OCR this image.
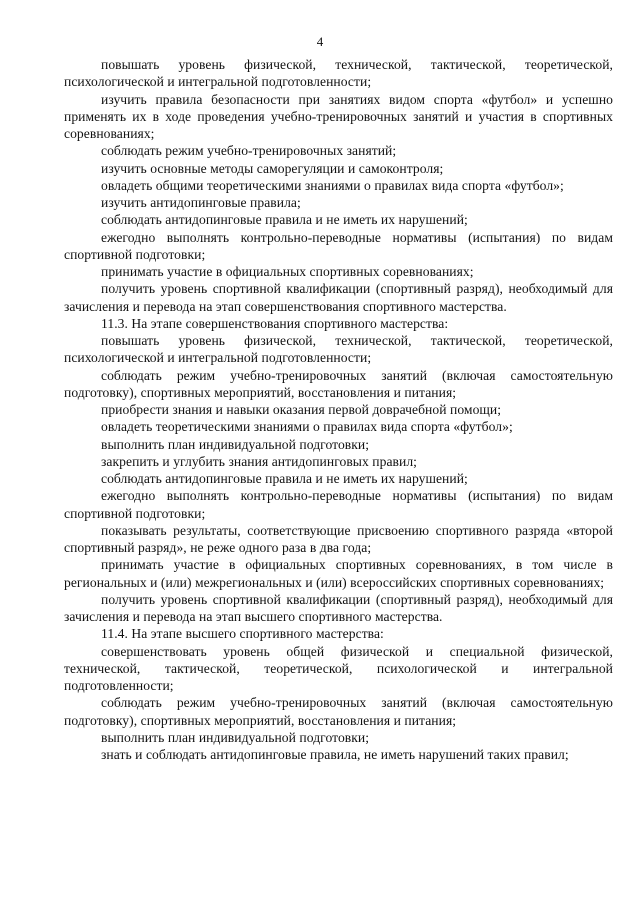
4

повышать уровень физической, технической, тактической, теоретической, психологической и интегральной подготовленности;

изучить правила безопасности при занятиях видом спорта «футбол» и успешно применять их в ходе проведения учебно-тренировочных занятий и участия в спортивных соревнованиях;

соблюдать режим учебно-тренировочных занятий;

изучить основные методы саморегуляции и самоконтроля;

овладеть общими теоретическими знаниями о правилах вида спорта «футбол»;

изучить антидопинговые правила;

соблюдать антидопинговые правила и не иметь их нарушений;

ежегодно выполнять контрольно-переводные нормативы (испытания) по видам спортивной подготовки;

принимать участие в официальных спортивных соревнованиях;

получить уровень спортивной квалификации (спортивный разряд), необходимый для зачисления и перевода на этап совершенствования спортивного мастерства.

11.3. На этапе совершенствования спортивного мастерства:

повышать уровень физической, технической, тактической, теоретической, психологической и интегральной подготовленности;

соблюдать режим учебно-тренировочных занятий (включая самостоятельную подготовку), спортивных мероприятий, восстановления и питания;

приобрести знания и навыки оказания первой доврачебной помощи;

овладеть теоретическими знаниями о правилах вида спорта «футбол»;

выполнить план индивидуальной подготовки;

закрепить и углубить знания антидопинговых правил;

соблюдать антидопинговые правила и не иметь их нарушений;

ежегодно выполнять контрольно-переводные нормативы (испытания) по видам спортивной подготовки;

показывать результаты, соответствующие присвоению спортивного разряда «второй спортивный разряд», не реже одного раза в два года;

принимать участие в официальных спортивных соревнованиях, в том числе в региональных и (или) межрегиональных и (или) всероссийских спортивных соревнованиях;

получить уровень спортивной квалификации (спортивный разряд), необходимый для зачисления и перевода на этап высшего спортивного мастерства.

11.4. На этапе высшего спортивного мастерства:

совершенствовать уровень общей физической и специальной физической, технической, тактической, теоретической, психологической и интегральной подготовленности;

соблюдать режим учебно-тренировочных занятий (включая самостоятельную подготовку), спортивных мероприятий, восстановления и питания;

выполнить план индивидуальной подготовки;

знать и соблюдать антидопинговые правила, не иметь нарушений таких правил;
